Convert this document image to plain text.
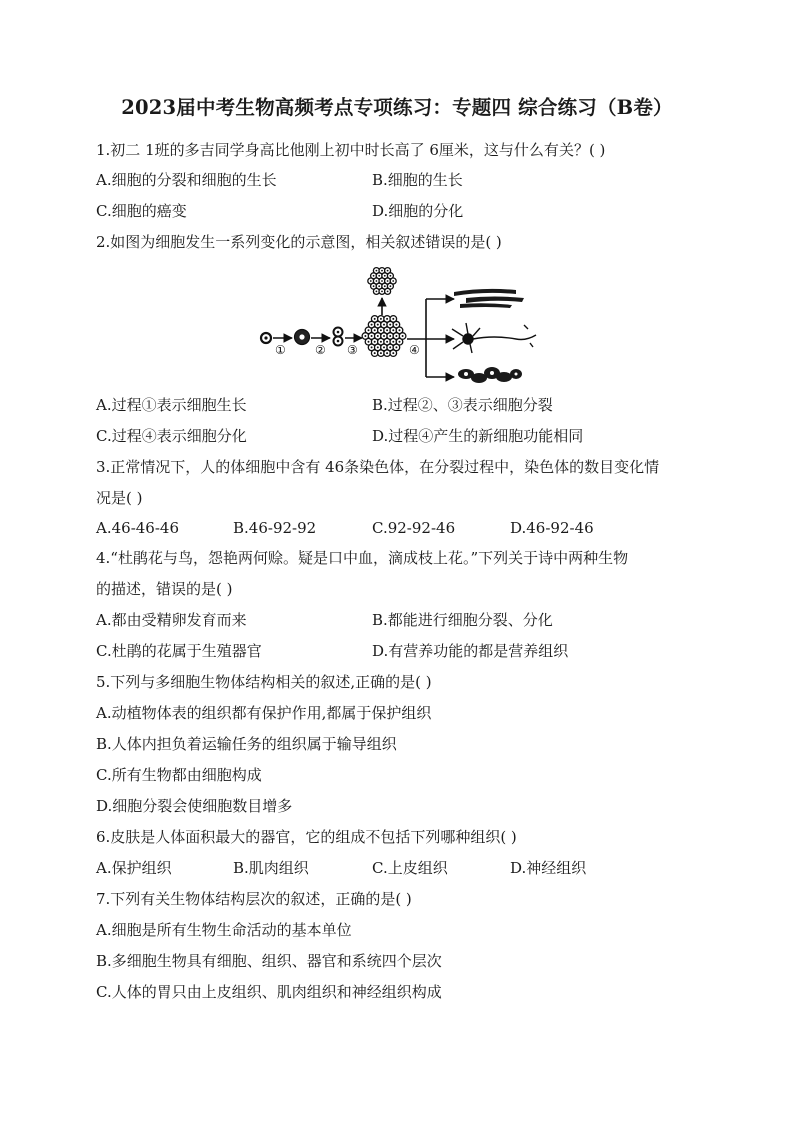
2023届中考生物高频考点专项练习：专题四 综合练习（B卷）
1.初二 1班的多吉同学身高比他刚上初中时长高了 6厘米，这与什么有关？( )
A.细胞的分裂和细胞的生长	B.细胞的生长
C.细胞的癌变	D.细胞的分化
2.如图为细胞发生一系列变化的示意图，相关叙述错误的是( )
① ② ③	④
A.过程①表示细胞生长	B.过程②、③表示细胞分裂
C.过程④表示细胞分化	D.过程④产生的新细胞功能相同
3.正常情况下，人的体细胞中含有 46条染色体，在分裂过程中，染色体的数目变化情
况是( )
A.46-46-46	B.46-92-92	C.92-92-46	D.46-92-46
4.“杜鹃花与鸟，怨艳两何赊。疑是口中血，滴成枝上花。”下列关于诗中两种生物
的描述，错误的是( )
A.都由受精卵发育而来	B.都能进行细胞分裂、分化
C.杜鹃的花属于生殖器官	D.有营养功能的都是营养组织
5.下列与多细胞生物体结构相关的叙述,正确的是( )
A.动植物体表的组织都有保护作用,都属于保护组织
B.人体内担负着运输任务的组织属于输导组织
C.所有生物都由细胞构成
D.细胞分裂会使细胞数目增多
6.皮肤是人体面积最大的器官，它的组成不包括下列哪种组织( )
A.保护组织	B.肌肉组织	C.上皮组织	D.神经组织
7.下列有关生物体结构层次的叙述，正确的是( )
A.细胞是所有生物生命活动的基本单位
B.多细胞生物具有细胞、组织、器官和系统四个层次
C.人体的胃只由上皮组织、肌肉组织和神经组织构成
